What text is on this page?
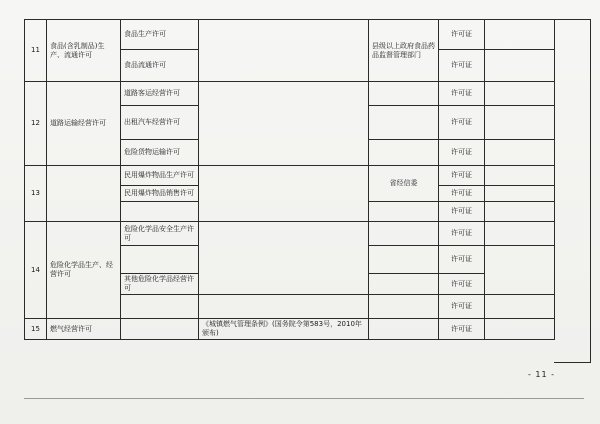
11	食品(含乳制品)生产、流通许可	食品生产许可		县级以上政府食品药品监督管理部门	许可证	
		食品流通许可			许可证	
12	道路运输经营许可	道路客运经营许可			许可证	
		出租汽车经营许可			许可证	
		危险货物运输许可			许可证	
13		民用爆炸物品生产许可		省经信委	许可证	
		民用爆炸物品销售许可			许可证	
					许可证	
14	危险化学品生产、经营许可	危险化学品安全生产许可			许可证	
					许可证	
		其他危险化学品经营许可			许可证	
					许可证	
15	燃气经营许可		《城镇燃气管理条例》(国务院令第583号，2010年颁布)		许可证	
- 11 -
